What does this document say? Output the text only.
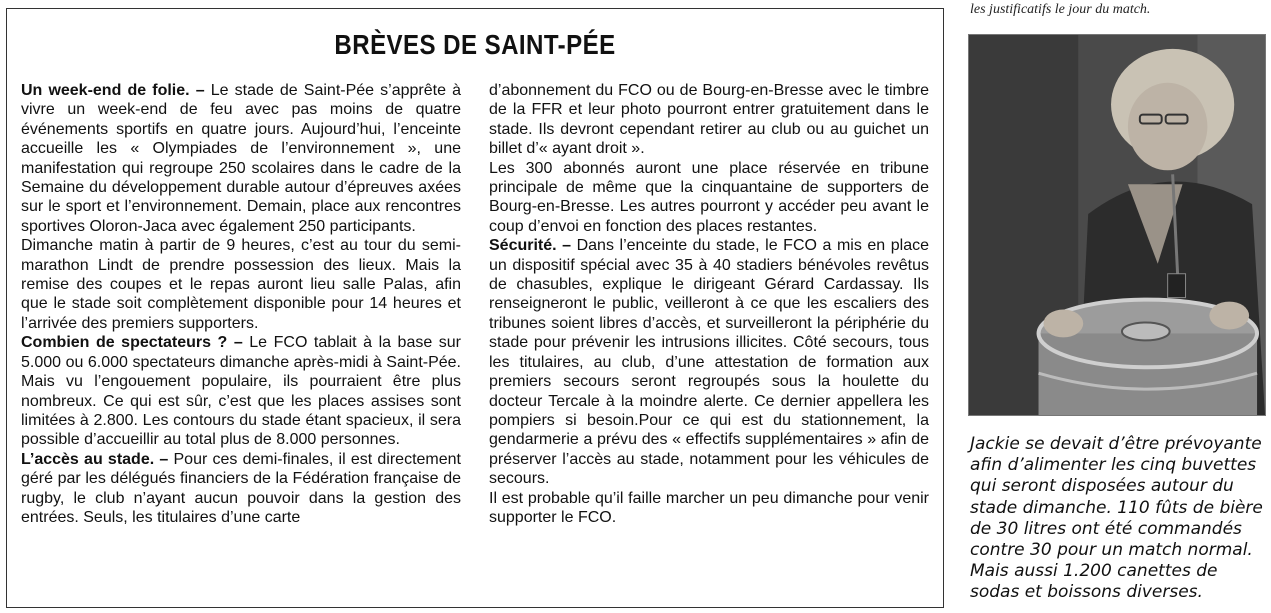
les justificatifs le jour du match.
BRÈVES DE SAINT-PÉE

Un week-end de folie. – Le stade de Saint-Pée s’apprête à vivre un week-end de feu avec pas moins de quatre événements sportifs en quatre jours. Aujourd’hui, l’enceinte accueille les « Olympiades de l’environnement », une manifestation qui regroupe 250 scolaires dans le cadre de la Semaine du développement durable autour d’épreuves axées sur le sport et l’environnement. Demain, place aux rencontres sportives Oloron-Jaca avec également 250 participants.

Dimanche matin à partir de 9 heures, c’est au tour du semi-marathon Lindt de prendre possession des lieux. Mais la remise des coupes et le repas auront lieu salle Palas, afin que le stade soit complètement disponible pour 14 heures et l’arrivée des premiers supporters.

Combien de spectateurs ? – Le FCO tablait à la base sur 5.000 ou 6.000 spectateurs dimanche après-midi à Saint-Pée. Mais vu l’engouement populaire, ils pourraient être plus nombreux. Ce qui est sûr, c’est que les places assises sont limitées à 2.800. Les contours du stade étant spacieux, il sera possible d’accueillir au total plus de 8.000 personnes.

L’accès au stade. – Pour ces demi-finales, il est directement géré par les délégués financiers de la Fédération française de rugby, le club n’ayant aucun pouvoir dans la gestion des entrées. Seuls, les titulaires d’une carte

d’abonnement du FCO ou de Bourg-en-Bresse avec le timbre de la FFR et leur photo pourront entrer gratuitement dans le stade. Ils devront cependant retirer au club ou au guichet un billet d’« ayant droit ».

Les 300 abonnés auront une place réservée en tribune principale de même que la cinquantaine de supporters de Bourg-en-Bresse. Les autres pourront y accéder peu avant le coup d’envoi en fonction des places restantes.

Sécurité. – Dans l’enceinte du stade, le FCO a mis en place un dispositif spécial avec 35 à 40 stadiers bénévoles revêtus de chasubles, explique le dirigeant Gérard Cardassay. Ils renseigneront le public, veilleront à ce que les escaliers des tribunes soient libres d’accès, et surveilleront la périphérie du stade pour prévenir les intrusions illicites. Côté secours, tous les titulaires, au club, d’une attestation de formation aux premiers secours seront regroupés sous la houlette du docteur Tercale à la moindre alerte. Ce dernier appellera les pompiers si besoin.Pour ce qui est du stationnement, la gendarmerie a prévu des « effectifs supplémentaires » afin de préserver l’accès au stade, notamment pour les véhicules de secours.

Il est probable qu’il faille marcher un peu dimanche pour venir supporter le FCO.

Jackie se devait d’être prévoyante afin d’alimenter les cinq buvettes qui seront disposées autour du stade dimanche. 110 fûts de bière de 30 litres ont été commandés contre 30 pour un match normal. Mais aussi 1.200 canettes de sodas et boissons diverses.
